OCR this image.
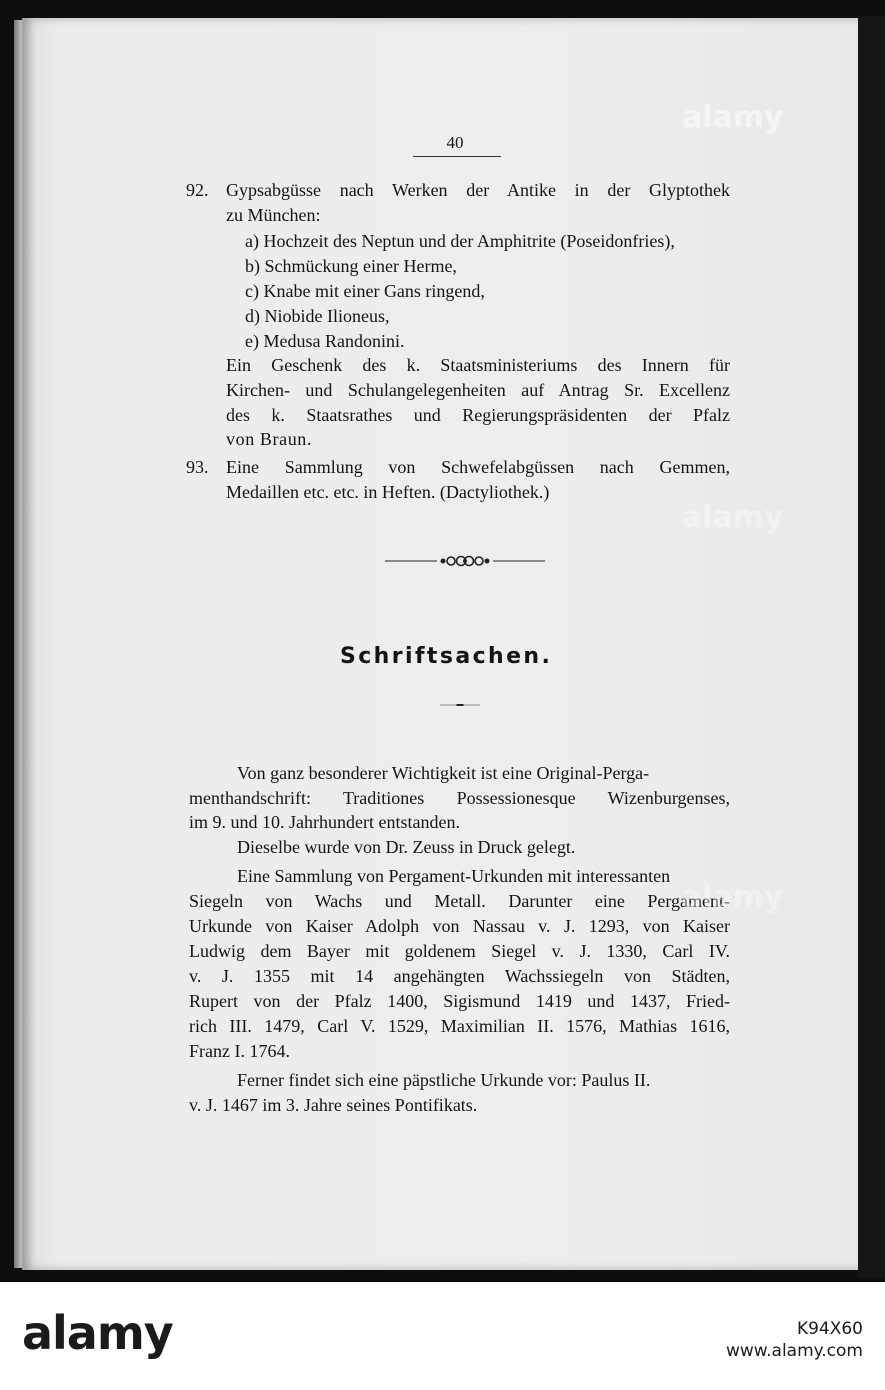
40
92. Gypsabgüsse nach Werken der Antike in der Glyptothek
zu München:
a) Hochzeit des Neptun und der Amphitrite (Poseidonfries),
b) Schmückung einer Herme,
c) Knabe mit einer Gans ringend,
d) Niobide Ilioneus,
e) Medusa Randonini.
Ein Geschenk des k. Staatsministeriums des Innern für
Kirchen- und Schulangelegenheiten auf Antrag Sr. Excellenz
des k. Staatsrathes und Regierungspräsidenten der Pfalz
von Braun.
93. Eine Sammlung von Schwefelabgüssen nach Gemmen,
Medaillen etc. etc. in Heften. (Dactyliothek.)
Schriftsachen.
Von ganz besonderer Wichtigkeit ist eine Original-Perga-
menthandschrift: Traditiones Possessionesque Wizenburgenses,
im 9. und 10. Jahrhundert entstanden.
Dieselbe wurde von Dr. Zeuss in Druck gelegt.
Eine Sammlung von Pergament-Urkunden mit interessanten
Siegeln von Wachs und Metall. Darunter eine Pergament-
Urkunde von Kaiser Adolph von Nassau v. J. 1293, von Kaiser
Ludwig dem Bayer mit goldenem Siegel v. J. 1330, Carl IV.
v. J. 1355 mit 14 angehängten Wachssiegeln von Städten,
Rupert von der Pfalz 1400, Sigismund 1419 und 1437, Fried-
rich III. 1479, Carl V. 1529, Maximilian II. 1576, Mathias 1616,
Franz I. 1764.
Ferner findet sich eine päpstliche Urkunde vor: Paulus II.
v. J. 1467 im 3. Jahre seines Pontifikats.
alamy
alamy
alamy
alamy	K94X60
www.alamy.com
